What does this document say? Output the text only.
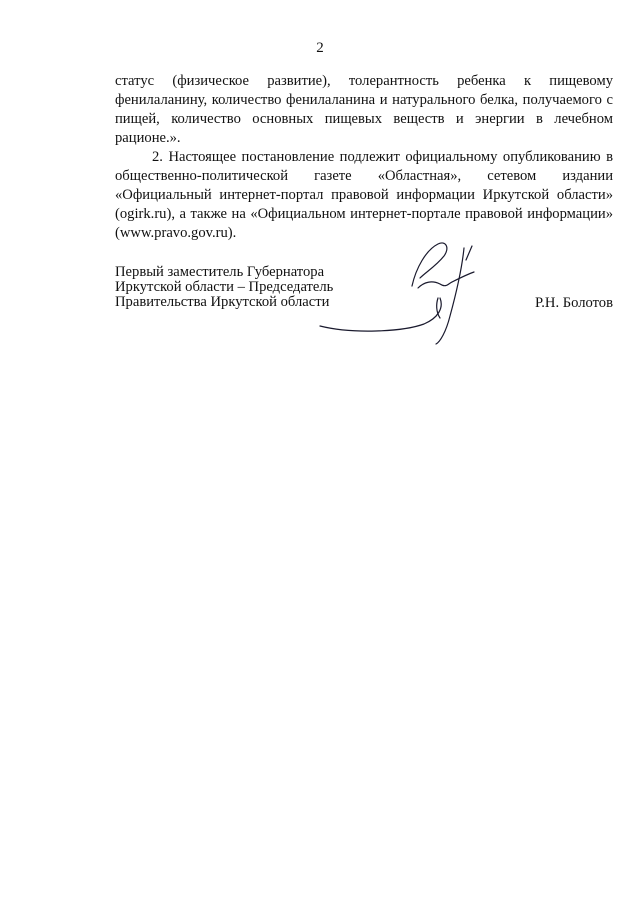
2

статус (физическое развитие), толерантность ребенка к пищевому фенилаланину, количество фенилаланина и натурального белка, получаемого с пищей, количество основных пищевых веществ и энергии в лечебном рационе.».

2. Настоящее постановление подлежит официальному опубликованию в общественно-политической газете «Областная», сетевом издании «Официальный интернет-портал правовой информации Иркутской области» (ogirk.ru), а также на «Официальном интернет-портале правовой информации» (www.pravo.gov.ru).

Первый заместитель Губернатора
Иркутской области – Председатель
Правительства Иркутской области	Р.Н. Болотов
